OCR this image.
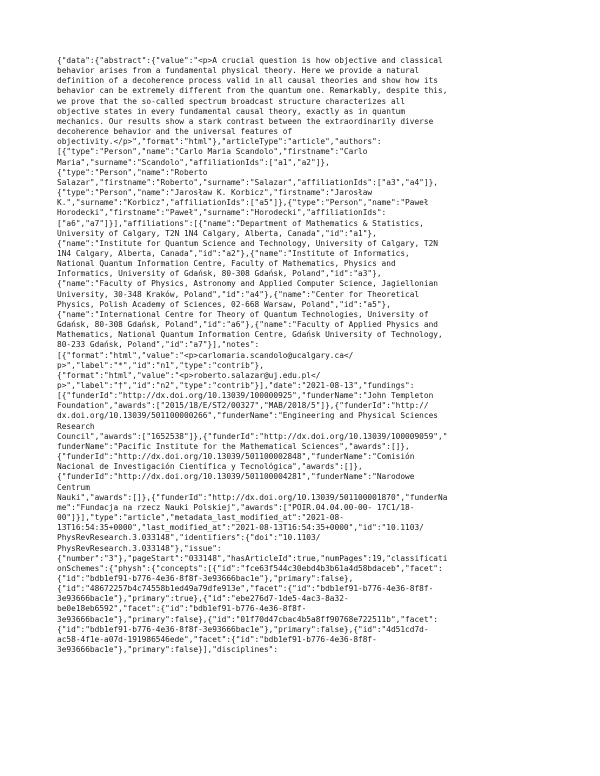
{"data":{"abstract":{"value":"<p>A crucial question is how objective and classical
behavior arises from a fundamental physical theory. Here we provide a natural
definition of a decoherence process valid in all causal theories and show how its
behavior can be extremely different from the quantum one. Remarkably, despite this,
we prove that the so-called spectrum broadcast structure characterizes all
objective states in every fundamental causal theory, exactly as in quantum
mechanics. Our results show a stark contrast between the extraordinarily diverse
decoherence behavior and the universal features of
objectivity.</p>","format":"html"},"articleType":"article","authors":
[{"type":"Person","name":"Carlo Maria Scandolo","firstname":"Carlo
Maria","surname":"Scandolo","affiliationIds":["a1","a2"]},
{"type":"Person","name":"Roberto
Salazar","firstname":"Roberto","surname":"Salazar","affiliationIds":["a3","a4"]},
{"type":"Person","name":"Jarosław K. Korbicz","firstname":"Jarosław
K.","surname":"Korbicz","affiliationIds":["a5"]},{"type":"Person","name":"Paweł
Horodecki","firstname":"Paweł","surname":"Horodecki","affiliationIds":
["a6","a7"]}],"affiliations":[{"name":"Department of Mathematics & Statistics,
University of Calgary, T2N 1N4 Calgary, Alberta, Canada","id":"a1"},
{"name":"Institute for Quantum Science and Technology, University of Calgary, T2N
1N4 Calgary, Alberta, Canada","id":"a2"},{"name":"Institute of Informatics,
National Quantum Information Centre, Faculty of Mathematics, Physics and
Informatics, University of Gdańsk, 80-308 Gdańsk, Poland","id":"a3"},
{"name":"Faculty of Physics, Astronomy and Applied Computer Science, Jagiellonian
University, 30-348 Kraków, Poland","id":"a4"},{"name":"Center for Theoretical
Physics, Polish Academy of Sciences, 02-668 Warsaw, Poland","id":"a5"},
{"name":"International Centre for Theory of Quantum Technologies, University of
Gdańsk, 80-308 Gdańsk, Poland","id":"a6"},{"name":"Faculty of Applied Physics and
Mathematics, National Quantum Information Centre, Gdańsk University of Technology,
80-233 Gdańsk, Poland","id":"a7"}],"notes":
[{"format":"html","value":"<p>carlomaria.scandolo@ucalgary.ca</
p>","label":"*","id":"n1","type":"contrib"},
{"format":"html","value":"<p>roberto.salazar@uj.edu.pl</
p>","label":"†","id":"n2","type":"contrib"}],"date":"2021-08-13","fundings":
[{"funderId":"http://dx.doi.org/10.13039/100000925","funderName":"John Templeton
Foundation","awards":["2015/18/E/ST2/00327","MAB/2018/5"]},{"funderId":"http://
dx.doi.org/10.13039/501100000266","funderName":"Engineering and Physical Sciences
Research
Council","awards":["1652538"]},{"funderId":"http://dx.doi.org/10.13039/100009059","
funderName":"Pacific Institute for the Mathematical Sciences","awards":[]},
{"funderId":"http://dx.doi.org/10.13039/501100002848","funderName":"Comisión
Nacional de Investigación Científica y Tecnológica","awards":[]},
{"funderId":"http://dx.doi.org/10.13039/501100004281","funderName":"Narodowe
Centrum
Nauki","awards":[]},{"funderId":"http://dx.doi.org/10.13039/501100001870","funderNa
me":"Fundacja na rzecz Nauki Polskiej","awards":["POIR.04.04.00-00- 17C1/18-
00"]}],"type":"article","metadata_last_modified_at":"2021-08-
13T16:54:35+0000","last_modified_at":"2021-08-13T16:54:35+0000","id":"10.1103/
PhysRevResearch.3.033148","identifiers":{"doi":"10.1103/
PhysRevResearch.3.033148"},"issue":
{"number":"3"},"pageStart":"033148","hasArticleId":true,"numPages":19,"classificati
onSchemes":{"physh":{"concepts":[{"id":"fce63f544c30ebd4b3b61a4d58bdaceb","facet":
{"id":"bdb1ef91-b776-4e36-8f8f-3e93666bac1e"},"primary":false},
{"id":"48672257b4c74558b1ed49a79dfe913e","facet":{"id":"bdb1ef91-b776-4e36-8f8f-
3e93666bac1e"},"primary":true},{"id":"ebe276d7-1de5-4ac3-8a32-
be0e18eb6592","facet":{"id":"bdb1ef91-b776-4e36-8f8f-
3e93666bac1e"},"primary":false},{"id":"01f70d47cbac4b5a8ff90768e722511b","facet":
{"id":"bdb1ef91-b776-4e36-8f8f-3e93666bac1e"},"primary":false},{"id":"4d51cd7d-
ac58-4f1e-a07d-191986546ede","facet":{"id":"bdb1ef91-b776-4e36-8f8f-
3e93666bac1e"},"primary":false}],"disciplines":
